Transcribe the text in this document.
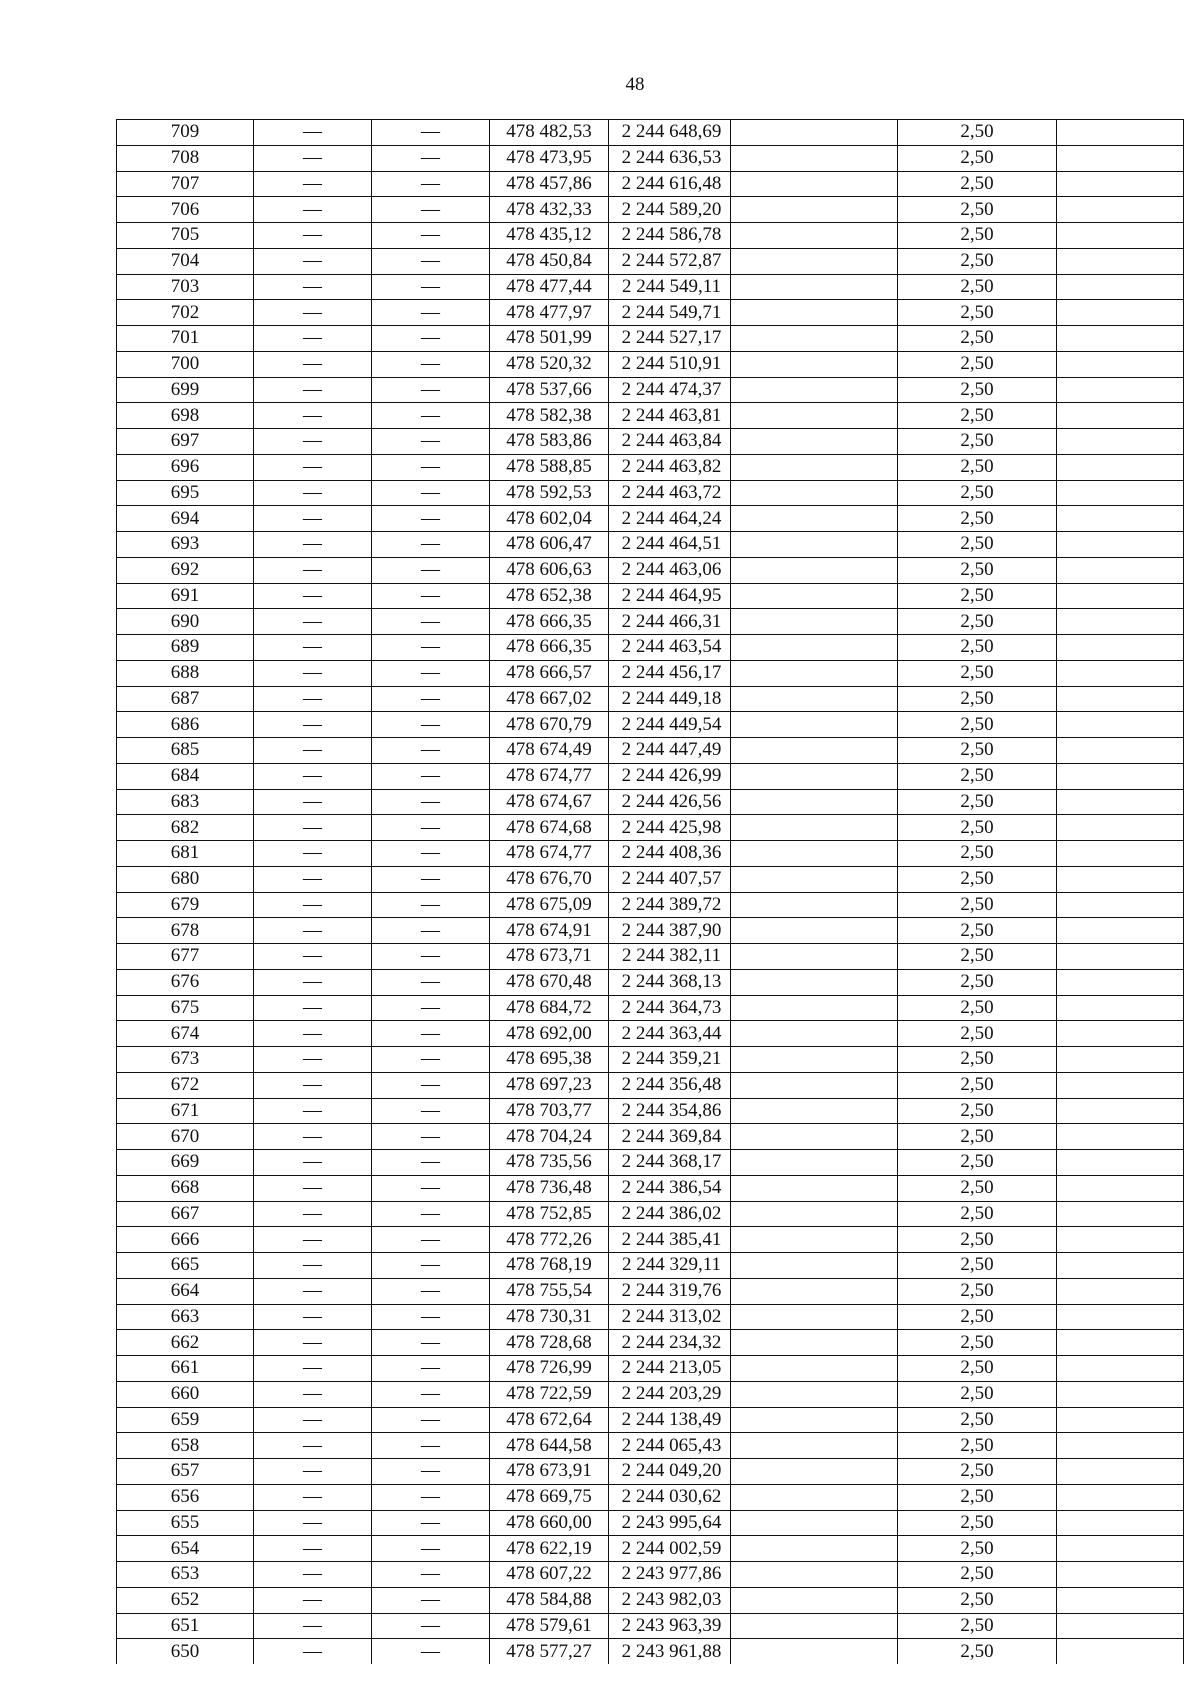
48
709	—	—	478 482,53	2 244 648,69		2,50	
708	—	—	478 473,95	2 244 636,53		2,50	
707	—	—	478 457,86	2 244 616,48		2,50	
706	—	—	478 432,33	2 244 589,20		2,50	
705	—	—	478 435,12	2 244 586,78		2,50	
704	—	—	478 450,84	2 244 572,87		2,50	
703	—	—	478 477,44	2 244 549,11		2,50	
702	—	—	478 477,97	2 244 549,71		2,50	
701	—	—	478 501,99	2 244 527,17		2,50	
700	—	—	478 520,32	2 244 510,91		2,50	
699	—	—	478 537,66	2 244 474,37		2,50	
698	—	—	478 582,38	2 244 463,81		2,50	
697	—	—	478 583,86	2 244 463,84		2,50	
696	—	—	478 588,85	2 244 463,82		2,50	
695	—	—	478 592,53	2 244 463,72		2,50	
694	—	—	478 602,04	2 244 464,24		2,50	
693	—	—	478 606,47	2 244 464,51		2,50	
692	—	—	478 606,63	2 244 463,06		2,50	
691	—	—	478 652,38	2 244 464,95		2,50	
690	—	—	478 666,35	2 244 466,31		2,50	
689	—	—	478 666,35	2 244 463,54		2,50	
688	—	—	478 666,57	2 244 456,17		2,50	
687	—	—	478 667,02	2 244 449,18		2,50	
686	—	—	478 670,79	2 244 449,54		2,50	
685	—	—	478 674,49	2 244 447,49		2,50	
684	—	—	478 674,77	2 244 426,99		2,50	
683	—	—	478 674,67	2 244 426,56		2,50	
682	—	—	478 674,68	2 244 425,98		2,50	
681	—	—	478 674,77	2 244 408,36		2,50	
680	—	—	478 676,70	2 244 407,57		2,50	
679	—	—	478 675,09	2 244 389,72		2,50	
678	—	—	478 674,91	2 244 387,90		2,50	
677	—	—	478 673,71	2 244 382,11		2,50	
676	—	—	478 670,48	2 244 368,13		2,50	
675	—	—	478 684,72	2 244 364,73		2,50	
674	—	—	478 692,00	2 244 363,44		2,50	
673	—	—	478 695,38	2 244 359,21		2,50	
672	—	—	478 697,23	2 244 356,48		2,50	
671	—	—	478 703,77	2 244 354,86		2,50	
670	—	—	478 704,24	2 244 369,84		2,50	
669	—	—	478 735,56	2 244 368,17		2,50	
668	—	—	478 736,48	2 244 386,54		2,50	
667	—	—	478 752,85	2 244 386,02		2,50	
666	—	—	478 772,26	2 244 385,41		2,50	
665	—	—	478 768,19	2 244 329,11		2,50	
664	—	—	478 755,54	2 244 319,76		2,50	
663	—	—	478 730,31	2 244 313,02		2,50	
662	—	—	478 728,68	2 244 234,32		2,50	
661	—	—	478 726,99	2 244 213,05		2,50	
660	—	—	478 722,59	2 244 203,29		2,50	
659	—	—	478 672,64	2 244 138,49		2,50	
658	—	—	478 644,58	2 244 065,43		2,50	
657	—	—	478 673,91	2 244 049,20		2,50	
656	—	—	478 669,75	2 244 030,62		2,50	
655	—	—	478 660,00	2 243 995,64		2,50	
654	—	—	478 622,19	2 244 002,59		2,50	
653	—	—	478 607,22	2 243 977,86		2,50	
652	—	—	478 584,88	2 243 982,03		2,50	
651	—	—	478 579,61	2 243 963,39		2,50	
650	—	—	478 577,27	2 243 961,88		2,50	
